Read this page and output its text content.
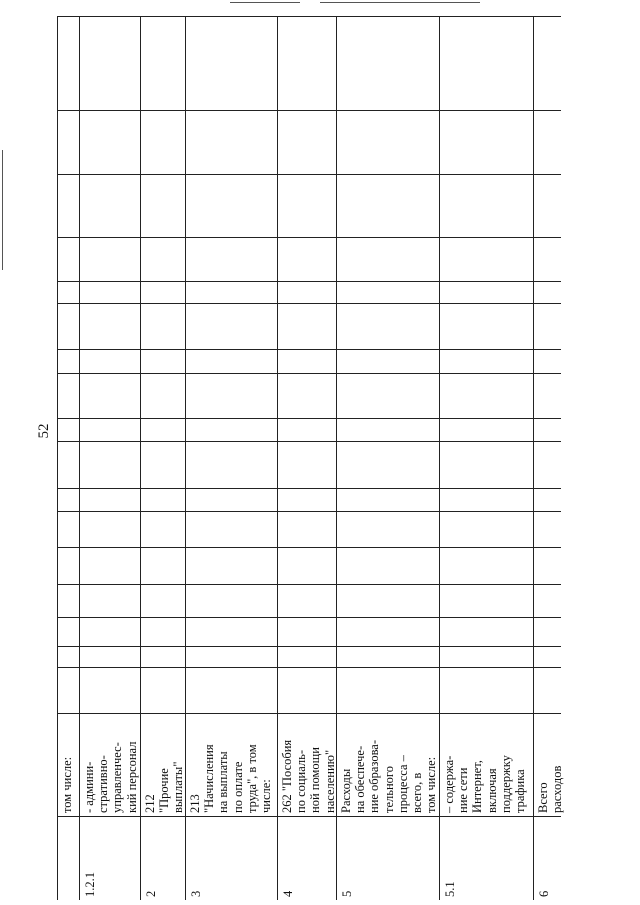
52
том числе:
1.2.1
- админи- стративно- управленчес- кий персонал
2
212 "Прочие выплаты"
3
213 "Начисления на выплаты по оплате труда", в том числе:
4
262 "Пособия по социаль- ной помощи населению"
5
Расходы на обеспече- ние образова- тельного процесса – всего, в том числе:
5.1
– содержа- ние сети Интернет, включая поддержку трафика
6
Всего расходов
